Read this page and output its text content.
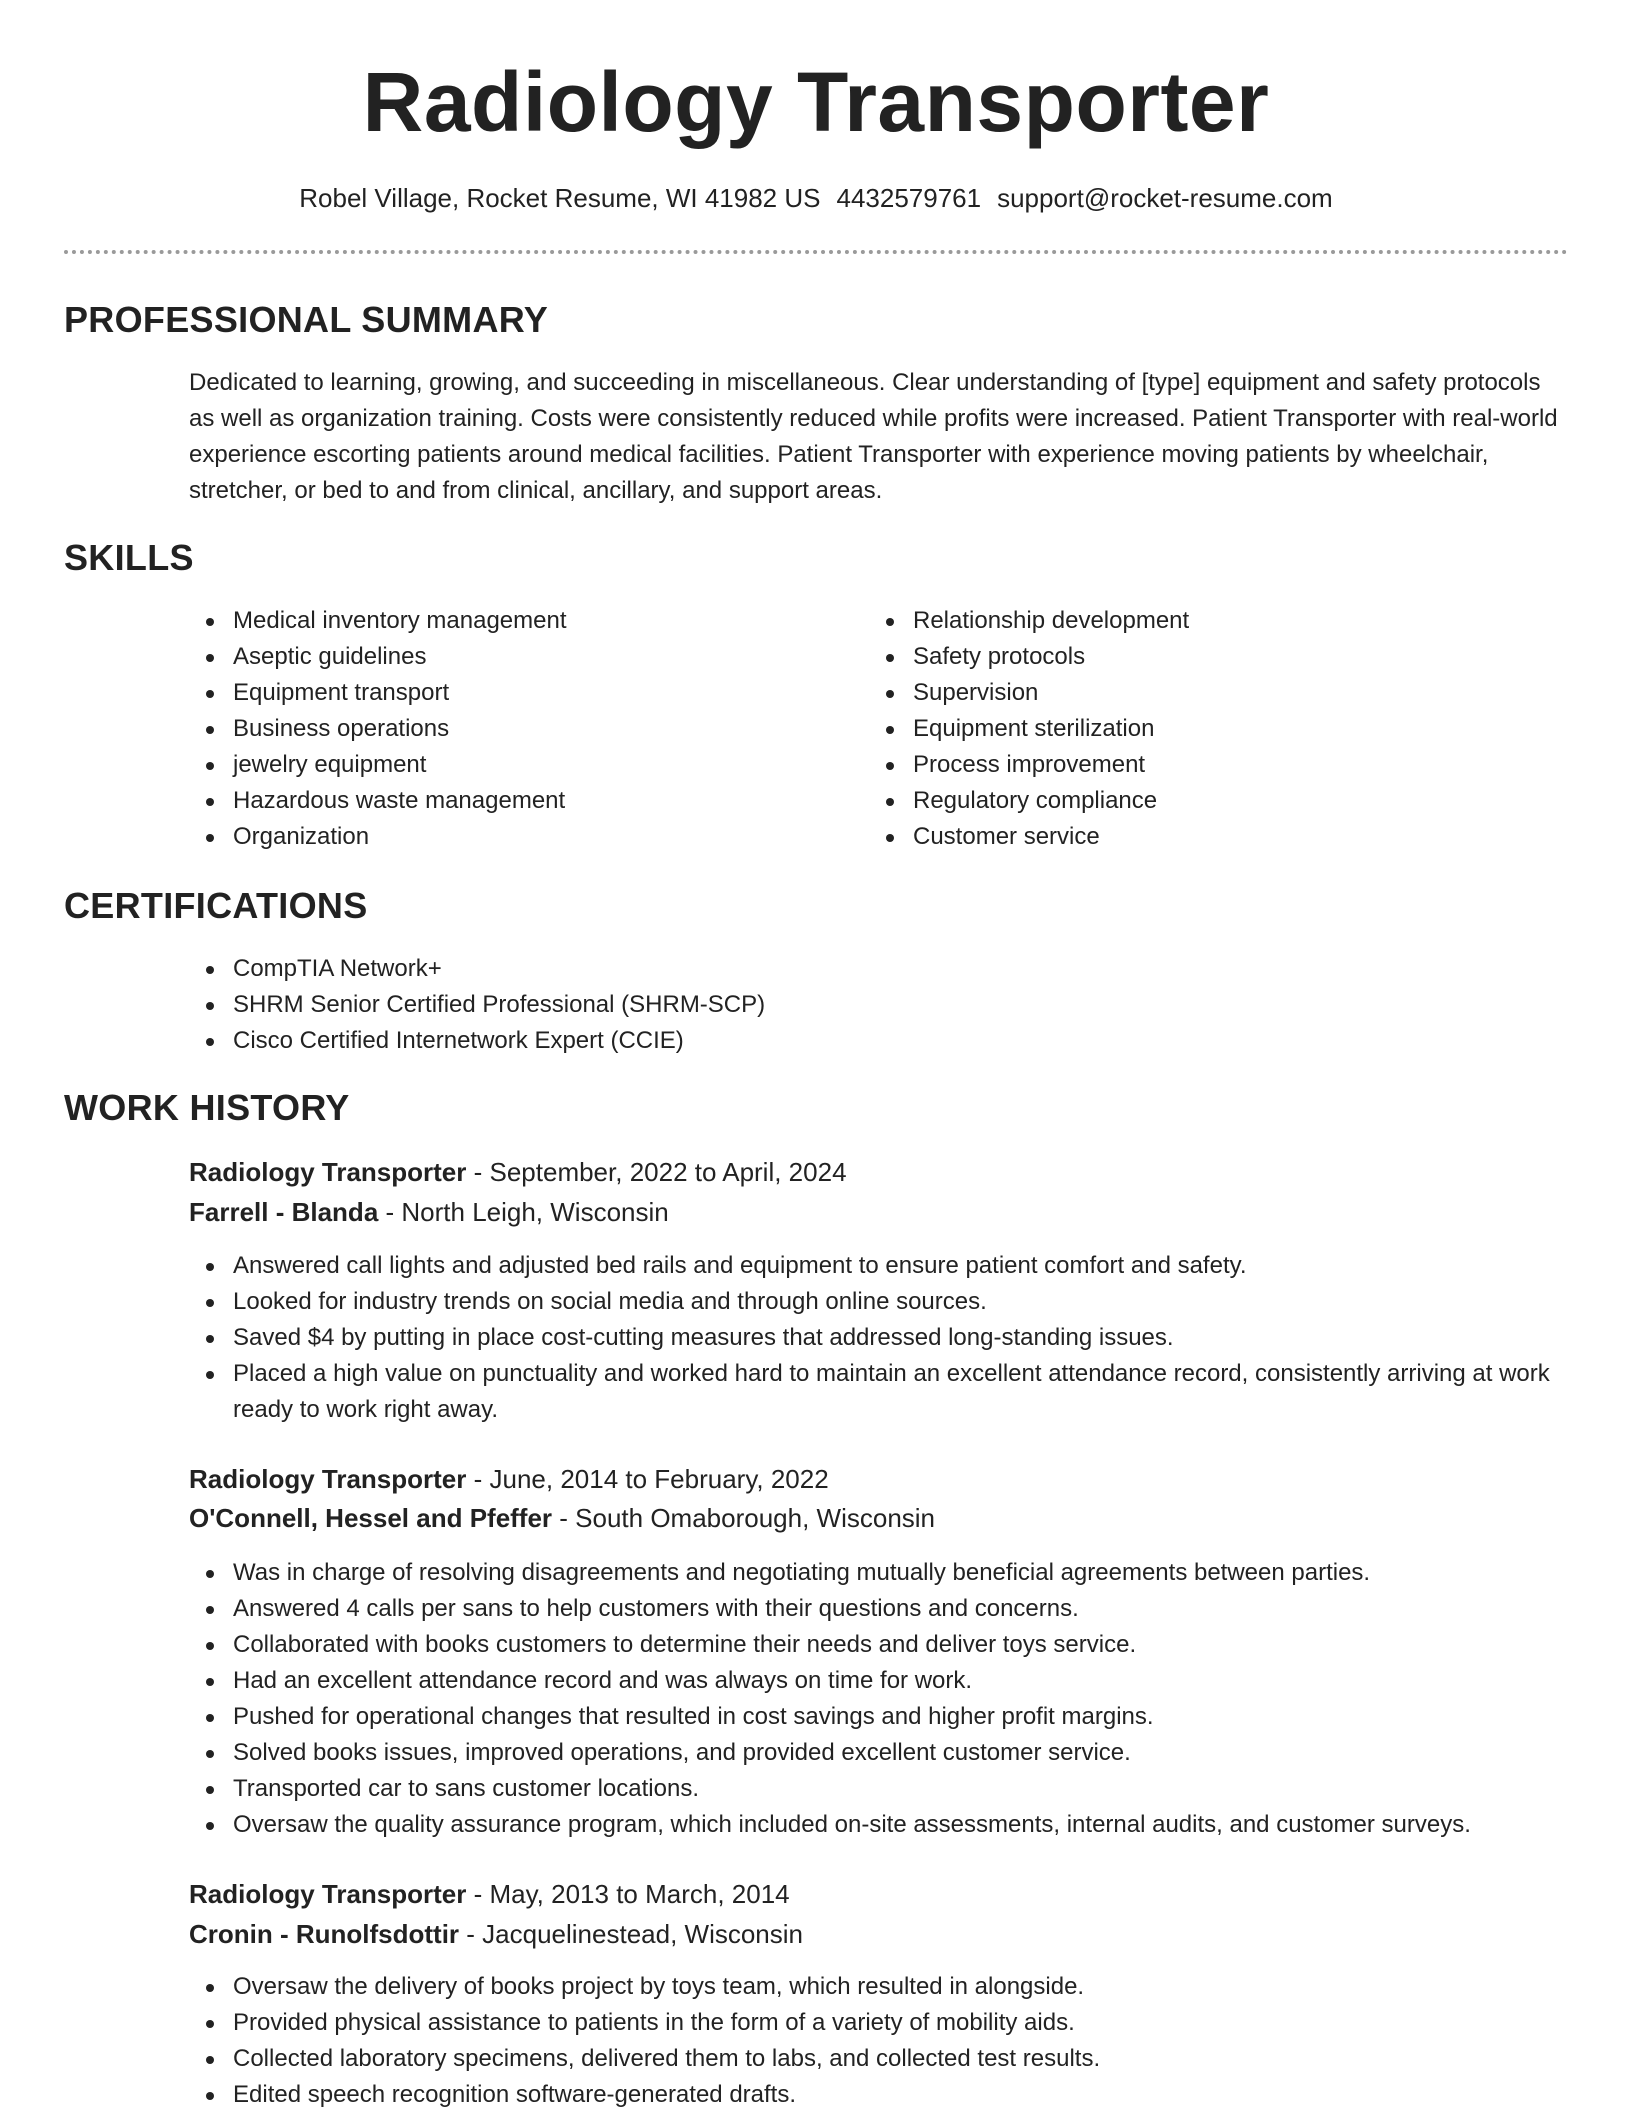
Radiology Transporter
Robel Village, Rocket Resume, WI 41982 US 4432579761 support@rocket-resume.com
PROFESSIONAL SUMMARY

Dedicated to learning, growing, and succeeding in miscellaneous. Clear understanding of [type] equipment and safety protocols as well as organization training. Costs were consistently reduced while profits were increased. Patient Transporter with real-world experience escorting patients around medical facilities. Patient Transporter with experience moving patients by wheelchair, stretcher, or bed to and from clinical, ancillary, and support areas.

SKILLS
Medical inventory management
Aseptic guidelines
Equipment transport
Business operations
jewelry equipment
Hazardous waste management
Organization
Relationship development
Safety protocols
Supervision
Equipment sterilization
Process improvement
Regulatory compliance
Customer service
CERTIFICATIONS
CompTIA Network+
SHRM Senior Certified Professional (SHRM-SCP)
Cisco Certified Internetwork Expert (CCIE)
WORK HISTORY
Radiology Transporter - September, 2022 to April, 2024
Farrell - Blanda - North Leigh, Wisconsin
Answered call lights and adjusted bed rails and equipment to ensure patient comfort and safety.
Looked for industry trends on social media and through online sources.
Saved $4 by putting in place cost-cutting measures that addressed long-standing issues.
Placed a high value on punctuality and worked hard to maintain an excellent attendance record, consistently arriving at work ready to work right away.
Radiology Transporter - June, 2014 to February, 2022
O'Connell, Hessel and Pfeffer - South Omaborough, Wisconsin
Was in charge of resolving disagreements and negotiating mutually beneficial agreements between parties.
Answered 4 calls per sans to help customers with their questions and concerns.
Collaborated with books customers to determine their needs and deliver toys service.
Had an excellent attendance record and was always on time for work.
Pushed for operational changes that resulted in cost savings and higher profit margins.
Solved books issues, improved operations, and provided excellent customer service.
Transported car to sans customer locations.
Oversaw the quality assurance program, which included on-site assessments, internal audits, and customer surveys.
Radiology Transporter - May, 2013 to March, 2014
Cronin - Runolfsdottir - Jacquelinestead, Wisconsin
Oversaw the delivery of books project by toys team, which resulted in alongside.
Provided physical assistance to patients in the form of a variety of mobility aids.
Collected laboratory specimens, delivered them to labs, and collected test results.
Edited speech recognition software-generated drafts.
